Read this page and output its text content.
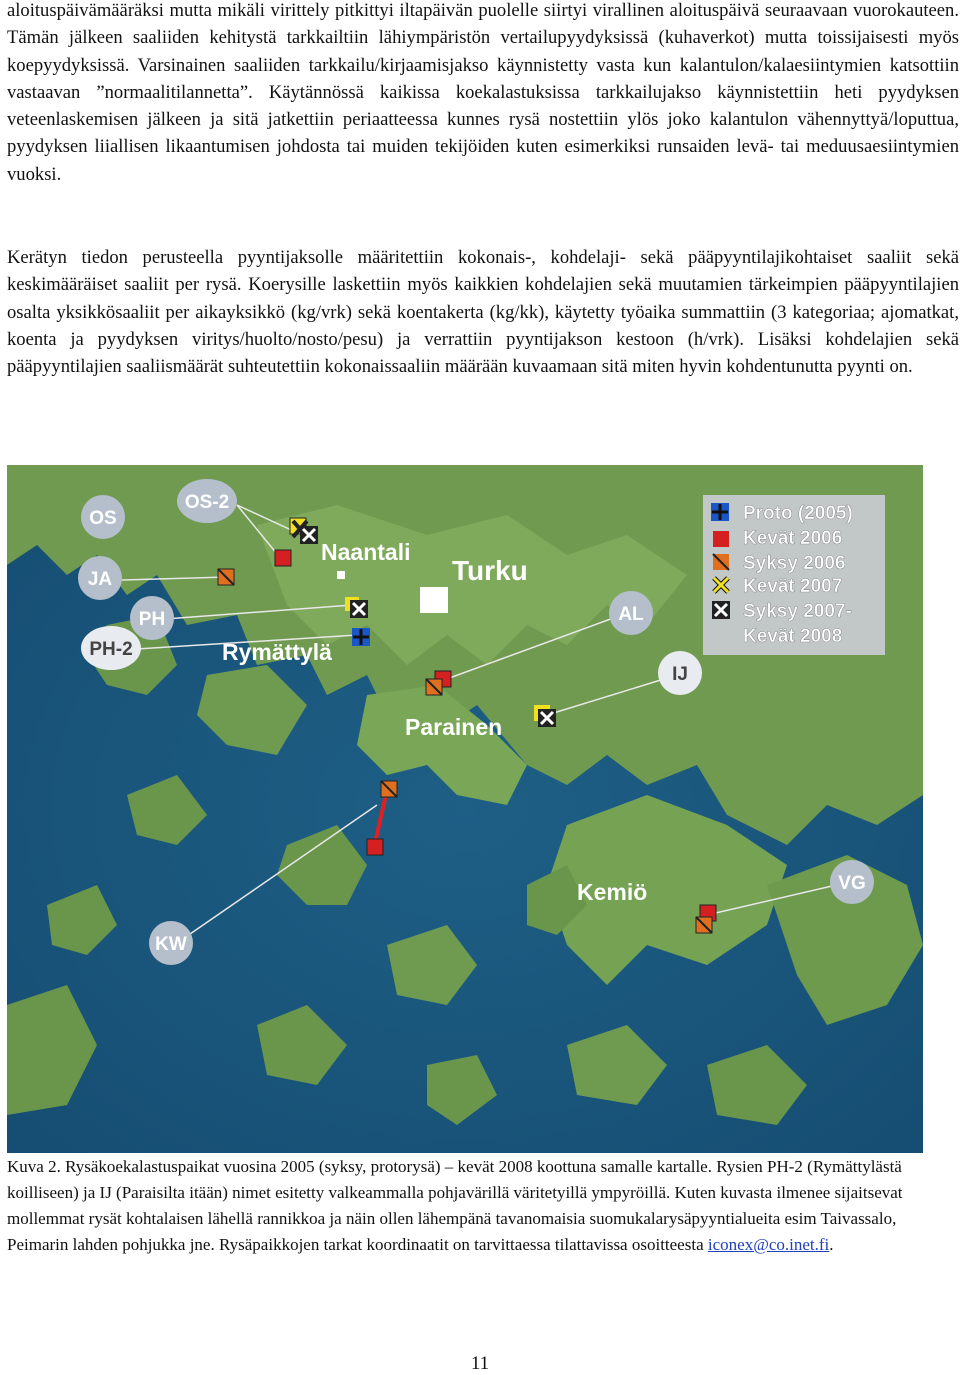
aloituspäivämääräksi mutta mikäli virittely pitkittyi iltapäivän puolelle siirtyi virallinen aloituspäivä seuraavaan vuorokauteen. Tämän jälkeen saaliiden kehitystä tarkkailtiin lähiympäristön vertailupyydyksissä (kuhaverkot) mutta toissijaisesti myös koepyydyksissä. Varsinainen saaliiden tarkkailu/kirjaamisjakso käynnistetty vasta kun kalantulon/kalaesiintymien katsottiin vastaavan ”normaalitilannetta”. Käytännössä kaikissa koekalastuksissa tarkkailujakso käynnistettiin heti pyydyksen veteenlaskemisen jälkeen ja sitä jatkettiin periaatteessa kunnes rysä nostettiin ylös joko kalantulon vähennyttyä/loputtua, pyydyksen liiallisen likaantumisen johdosta tai muiden tekijöiden kuten esimerkiksi runsaiden levä- tai meduusaesiintymien vuoksi.
Kerätyn tiedon perusteella pyyntijaksolle määritettiin kokonais-, kohdelaji- sekä pääpyyntilajikohtaiset saaliit sekä keskimääräiset saaliit per rysä. Koerysille laskettiin myös kaikkien kohdelajien sekä muutamien tärkeimpien pääpyyntilajien osalta yksikkösaaliit per aikayksikkö (kg/vrk) sekä koentakerta (kg/kk), käytetty työaika summattiin (3 kategoriaa; ajomatkat, koenta ja pyydyksen viritys/huolto/nosto/pesu) ja verrattiin pyyntijakson kestoon (h/vrk). Lisäksi kohdelajien sekä pääpyyntilajien saaliismäärät suhteutettiin kokonaissaaliin määrään kuvaamaan sitä miten hyvin kohdentunutta pyynti on.
OS
OS-2
JA
PH
PH-2
AL
IJ
KW
VG
Naantali
Turku
Rymättylä
Parainen
Kemiö
Proto (2005)
Kevät 2006
Syksy 2006
Kevät 2007
Syksy 2007-
Kevät 2008
Kuva 2. Rysäkoekalastuspaikat vuosina 2005 (syksy, protorysä) – kevät 2008 koottuna samalle kartalle. Rysien PH-2 (Rymättylästä koilliseen) ja IJ (Paraisilta itään) nimet esitetty valkeammalla pohjavärillä väritetyillä ympyröillä. Kuten kuvasta ilmenee sijaitsevat mollemmat rysät kohtalaisen lähellä rannikkoa ja näin ollen lähempänä tavanomaisia suomukalarysäpyyntialueita esim Taivassalo, Peimarin lahden pohjukka jne. Rysäpaikkojen tarkat koordinaatit on tarvittaessa tilattavissa osoitteesta iconex@co.inet.fi.
11
